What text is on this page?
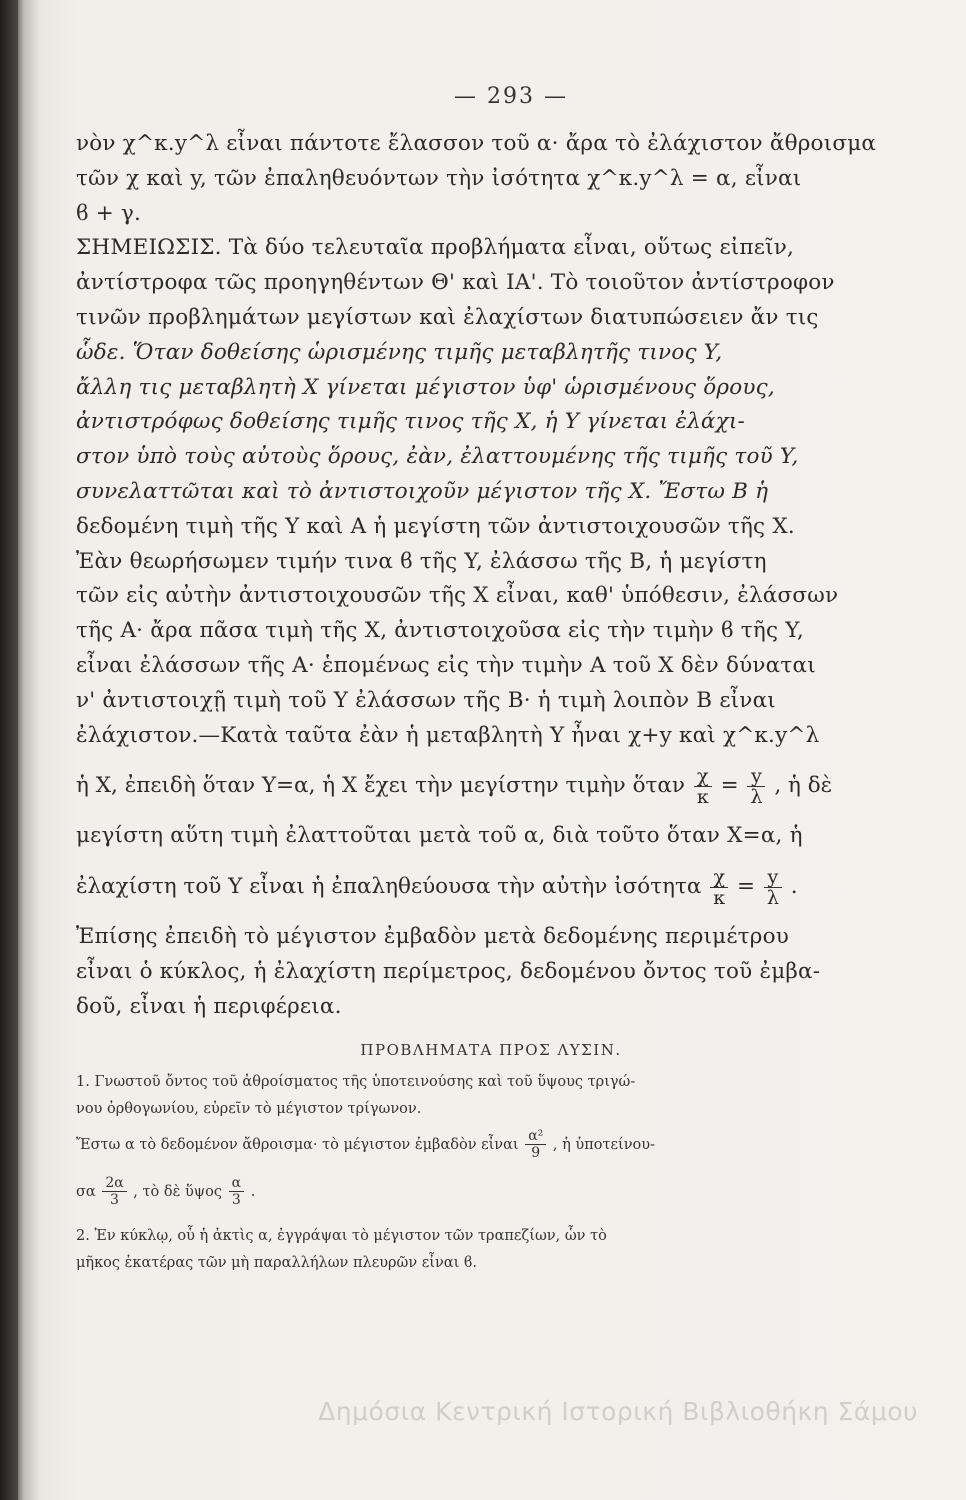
— 293 —
νὸν χ^κ.y^λ εἶναι πάντοτε ἔλασσον τοῦ α· ἄρα τὸ ἐλάχιστον ἄθροισμα
τῶν χ καὶ y, τῶν ἐπαληθευόντων τὴν ἰσότητα χ^κ.y^λ = α, εἶναι
ϐ + γ.
ΣΗΜΕΙΩΣΙΣ. Τὰ δύο τελευταῖα προβλήματα εἶναι, οὕτως εἰπεῖν,
ἀντίστροφα τῶς προηγηθέντων Θ' καὶ ΙΑ'. Τὸ τοιοῦτον ἀντίστροφον
τινῶν προβλημάτων μεγίστων καὶ ἐλαχίστων διατυπώσειεν ἄν τις
ὧδε. Ὅταν δοθείσης ὡρισμένης τιμῆς μεταβλητῆς τινος Y,
ἄλλη τις μεταβλητὴ X γίνεται μέγιστον ὑφ' ὡρισμένους ὅρους,
ἀντιστρόφως δοθείσης τιμῆς τινος τῆς X, ἡ Y γίνεται ἐλάχι-
στον ὑπὸ τοὺς αὐτοὺς ὅρους, ἐὰν, ἐλαττουμένης τῆς τιμῆς τοῦ Y,
συνελαττῶται καὶ τὸ ἀντιστοιχοῦν μέγιστον τῆς X. Ἔστω B ἡ
δεδομένη τιμὴ τῆς Y καὶ A ἡ μεγίστη τῶν ἀντιστοιχουσῶν τῆς X.
Ἐὰν θεωρήσωμεν τιμήν τινα ϐ τῆς Y, ἐλάσσω τῆς B, ἡ μεγίστη
τῶν εἰς αὐτὴν ἀντιστοιχουσῶν τῆς X εἶναι, καθ' ὑπόθεσιν, ἐλάσσων
τῆς A· ἄρα πᾶσα τιμὴ τῆς X, ἀντιστοιχοῦσα εἰς τὴν τιμὴν ϐ τῆς Y,
εἶναι ἐλάσσων τῆς A· ἑπομένως εἰς τὴν τιμὴν A τοῦ X δὲν δύναται
ν' ἀντιστοιχῇ τιμὴ τοῦ Y ἐλάσσων τῆς B· ἡ τιμὴ λοιπὸν B εἶναι
ἐλάχιστον.—Κατὰ ταῦτα ἐὰν ἡ μεταβλητὴ Y ἦναι χ+y καὶ χ^κ.y^λ
ἡ X, ἐπειδὴ ὅταν Y=α, ἡ X ἔχει τὴν μεγίστην τιμὴν ὅταν $\frac{\chi}{\kappa} = \frac{y}{\lambda}$ , ἡ δὲ
μεγίστη αὕτη τιμὴ ἐλαττοῦται μετὰ τοῦ α, διὰ τοῦτο ὅταν X=α, ἡ
ἐλαχίστη τοῦ Y εἶναι ἡ ἐπαληθεύουσα τὴν αὐτὴν ἰσότητα $\frac{\chi}{\kappa} = \frac{y}{\lambda}$ .
Ἐπίσης ἐπειδὴ τὸ μέγιστον ἐμβαδὸν μετὰ δεδομένης περιμέτρου
εἶναι ὁ κύκλος, ἡ ἐλαχίστη περίμετρος, δεδομένου ὄντος τοῦ ἐμβα-
δοῦ, εἶναι ἡ περιφέρεια.
ΠΡΟΒΛΗΜΑΤΑ ΠΡΟΣ ΛΥΣΙΝ.
1. Γνωστοῦ ὄντος τοῦ ἀθροίσματος τῆς ὑποτεινούσης καὶ τοῦ ὕψους τριγώ-
νου ὀρθογωνίου, εὑρεῖν τὸ μέγιστον τρίγωνον.
Ἔστω α τὸ δεδομένον ἄθροισμα· τὸ μέγιστον ἐμβαδὸν εἶναι $\frac{\text{α²}}{9}$ , ἡ ὑποτείνου-
σα $\frac{2\alpha}{3}$ , τὸ δὲ ὕψος $\frac{\alpha}{3}$ .
2. Ἐν κύκλῳ, οὗ ἡ ἀκτὶς α, ἐγγράψαι τὸ μέγιστον τῶν τραπεζίων, ὧν τὸ
μῆκος ἑκατέρας τῶν μὴ παραλλήλων πλευρῶν εἶναι ϐ.
Δημόσια Κεντρική Ιστορική Βιβλιοθήκη Σάμου
